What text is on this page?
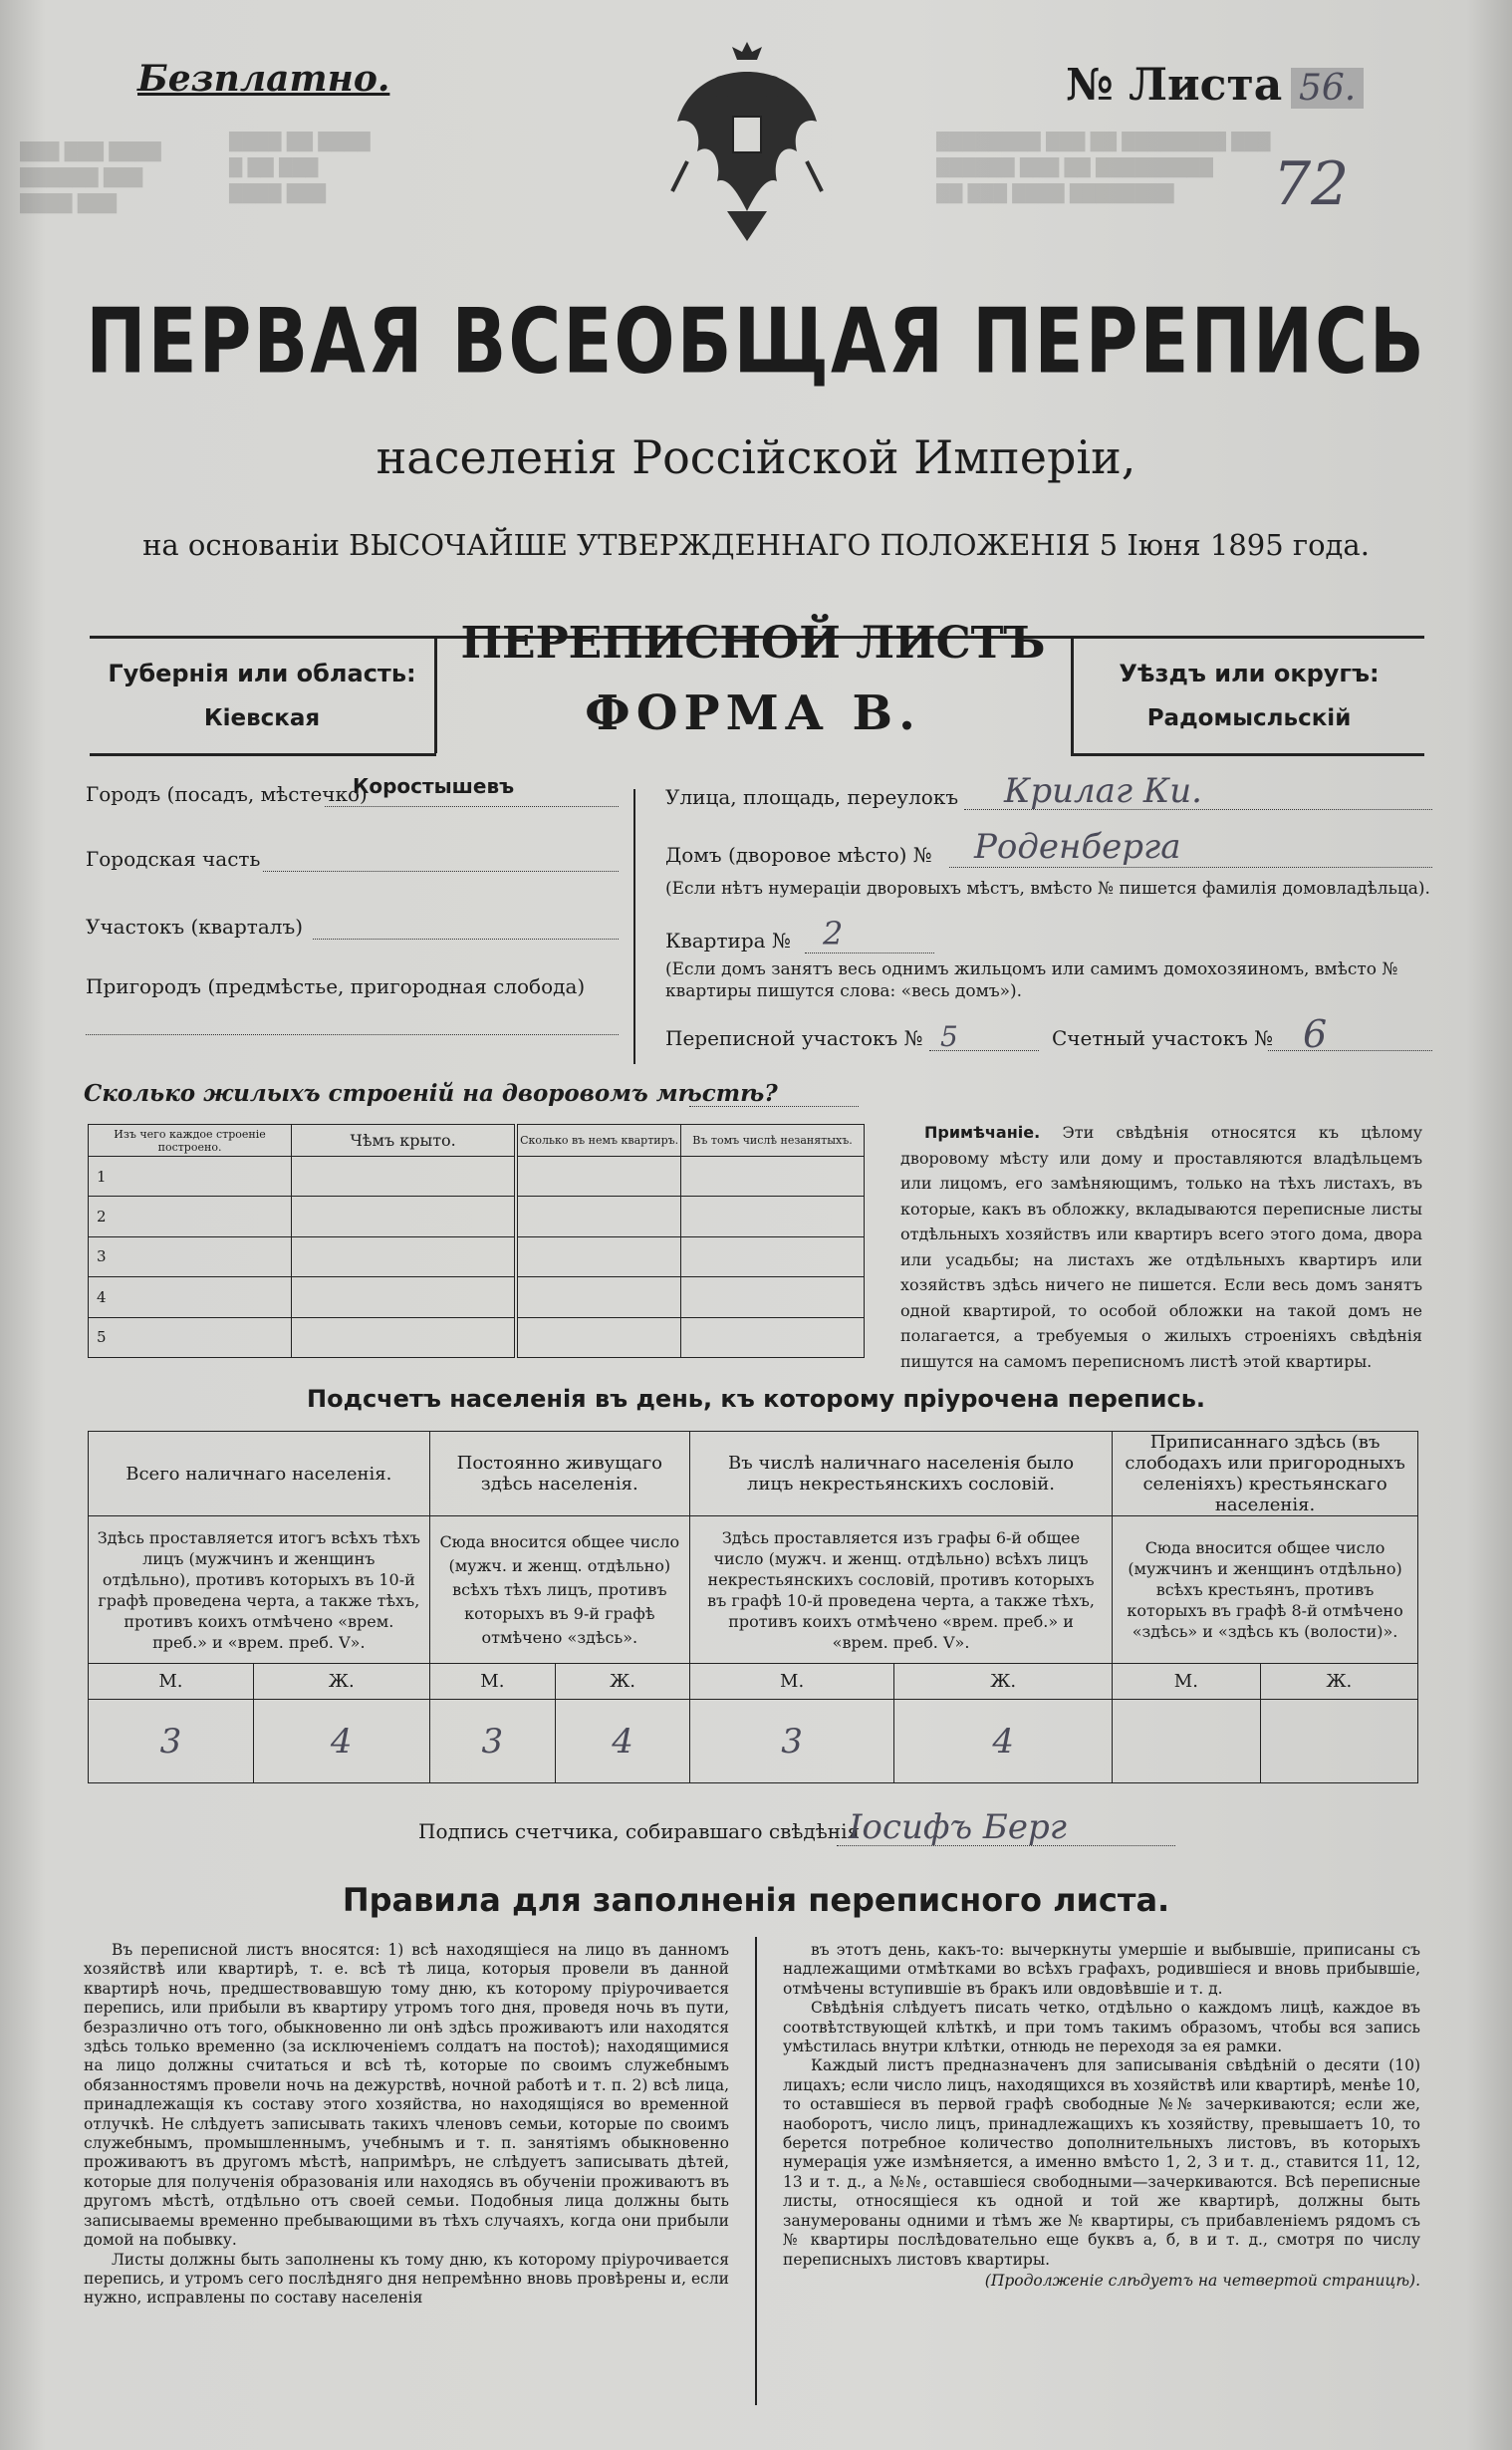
███ ███ ████
██████ ███
████ ███
████ ██ ████
█ ██ ███
████ ███
████████ ███ ██ ████████ ███
██████ ███ ██ █████████
██ ███ ████ ████████
Безплатно.	№ Листа 56.
72
ПЕРВАЯ ВСЕОБЩАЯ ПЕРЕПИСЬ
населенія Россійской Имперіи,
на основаніи ВЫСОЧАЙШЕ УТВЕРЖДЕННАГО ПОЛОЖЕНІЯ 5 Іюня 1895 года.
Губернія или область:
Кіевская
ПЕРЕПИСНОЙ ЛИСТЪ
ФОРМА В.
Уѣздъ или округъ:
Радомысльскій
Городъ (посадъ, мѣстечко)
Коростышевъ
Городская часть
Участокъ (кварталъ)
Пригородъ (предмѣстье, пригородная слобода)
Улица, площадь, переулокъ Крилаг Ки.
Домъ (дворовое мѣсто) № Роденберга
(Если нѣтъ нумераціи дворовыхъ мѣстъ, вмѣсто № пишется фамилія домовладѣльца).
Квартира № 2
(Если домъ занятъ весь однимъ жильцомъ или самимъ домохозяиномъ, вмѣсто № квартиры пишутся слова: «весь домъ»).
Переписной участокъ № 5	Счетный участокъ № 6
Сколько жилыхъ строеній на дворовомъ мѣстѣ?
Изъ чего каждое строеніе построено.	Чѣмъ крыто.	Сколько въ немъ квартиръ.	Въ томъ числѣ незанятыхъ.
1			
2			
3			
4			
5			
Примѣчаніе. Эти свѣдѣнія относятся къ цѣлому дворовому мѣсту или дому и проставляются владѣльцемъ или лицомъ, его замѣняющимъ, только на тѣхъ листахъ, въ которые, какъ въ обложку, вкладываются переписные листы отдѣльныхъ хозяйствъ или квартиръ всего этого дома, двора или усадьбы; на листахъ же отдѣльныхъ квартиръ или хозяйствъ здѣсь ничего не пишется. Если весь домъ занятъ одной квартирой, то особой обложки на такой домъ не полагается, а требуемыя о жилыхъ строеніяхъ свѣдѣнія пишутся на самомъ переписномъ листѣ этой квартиры.
Подсчетъ населенія въ день, къ которому пріурочена перепись.
Всего наличнаго населенія.		Постоянно живущаго здѣсь населенія.		Въ числѣ наличнаго населенія было лицъ некрестьянскихъ сословій.		Приписаннаго здѣсь (въ слободахъ или пригородныхъ селеніяхъ) крестьянскаго населенія.	
Здѣсь проставляется итогъ всѣхъ тѣхъ лицъ (мужчинъ и женщинъ отдѣльно), противъ которыхъ въ 10-й графѣ проведена черта, а также тѣхъ, противъ коихъ отмѣчено «врем. преб.» и «врем. преб. V».		Сюда вносится общее число (мужч. и женщ. отдѣльно) всѣхъ тѣхъ лицъ, противъ которыхъ въ 9-й графѣ отмѣчено «здѣсь».		Здѣсь проставляется изъ графы 6-й общее число (мужч. и женщ. отдѣльно) всѣхъ лицъ некрестьянскихъ сословій, противъ которыхъ въ графѣ 10-й проведена черта, а также тѣхъ, противъ коихъ отмѣчено «врем. преб.» и «врем. преб. V».		Сюда вносится общее число (мужчинъ и женщинъ отдѣльно) всѣхъ крестьянъ, противъ которыхъ въ графѣ 8-й отмѣчено «здѣсь» и «здѣсь къ (волости)».	
М.	Ж.	М.	Ж.	М.	Ж.	М.	Ж.
3	4	3	4	3	4		
Подпись счетчика, собиравшаго свѣдѣнія
Іосифъ Берг
Правила для заполненія переписного листа.

Въ переписной листъ вносятся: 1) всѣ находящіеся на лицо въ данномъ хозяйствѣ или квартирѣ, т. е. всѣ тѣ лица, которыя провели въ данной квартирѣ ночь, предшествовавшую тому дню, къ которому пріурочивается перепись, или прибыли въ квартиру утромъ того дня, проведя ночь въ пути, безразлично отъ того, обыкновенно ли онѣ здѣсь проживаютъ или находятся здѣсь только временно (за исключеніемъ солдатъ на постоѣ); находящимися на лицо должны считаться и всѣ тѣ, которые по своимъ служебнымъ обязанностямъ провели ночь на дежурствѣ, ночной работѣ и т. п. 2) всѣ лица, принадлежащія къ составу этого хозяйства, но находящіяся во временной отлучкѣ. Не слѣдуетъ записывать такихъ членовъ семьи, которые по своимъ служебнымъ, промышленнымъ, учебнымъ и т. п. занятіямъ обыкновенно проживаютъ въ другомъ мѣстѣ, напримѣръ, не слѣдуетъ записывать дѣтей, которые для полученія образованія или находясь въ обученіи проживаютъ въ другомъ мѣстѣ, отдѣльно отъ своей семьи. Подобныя лица должны быть записываемы временно пребывающими въ тѣхъ случаяхъ, когда они прибыли домой на побывку.

Листы должны быть заполнены къ тому дню, къ которому пріурочивается перепись, и утромъ сего послѣдняго дня непремѣнно вновь провѣрены и, если нужно, исправлены по составу населенія

въ этотъ день, какъ-то: вычеркнуты умершіе и выбывшіе, приписаны съ надлежащими отмѣтками во всѣхъ графахъ, родившіеся и вновь прибывшіе, отмѣчены вступившіе въ бракъ или овдовѣвшіе и т. д.

Свѣдѣнія слѣдуетъ писать четко, отдѣльно о каждомъ лицѣ, каждое въ соотвѣтствующей клѣткѣ, и при томъ такимъ образомъ, чтобы вся запись умѣстилась внутри клѣтки, отнюдь не переходя за ея рамки.

Каждый листъ предназначенъ для записыванія свѣдѣній о десяти (10) лицахъ; если число лицъ, находящихся въ хозяйствѣ или квартирѣ, менѣе 10, то оставшіеся въ первой графѣ свободные №№ зачеркиваются; если же, наоборотъ, число лицъ, принадлежащихъ къ хозяйству, превышаетъ 10, то берется потребное количество дополнительныхъ листовъ, въ которыхъ нумерація уже измѣняется, а именно вмѣсто 1, 2, 3 и т. д., ставится 11, 12, 13 и т. д., а №№, оставшіеся свободными—зачеркиваются. Всѣ переписные листы, относящіеся къ одной и той же квартирѣ, должны быть занумерованы одними и тѣмъ же № квартиры, съ прибавленіемъ рядомъ съ № квартиры послѣдовательно еще буквъ а, б, в и т. д., смотря по числу переписныхъ листовъ квартиры.

(Продолженіе слѣдуетъ на четвертой страницѣ).
